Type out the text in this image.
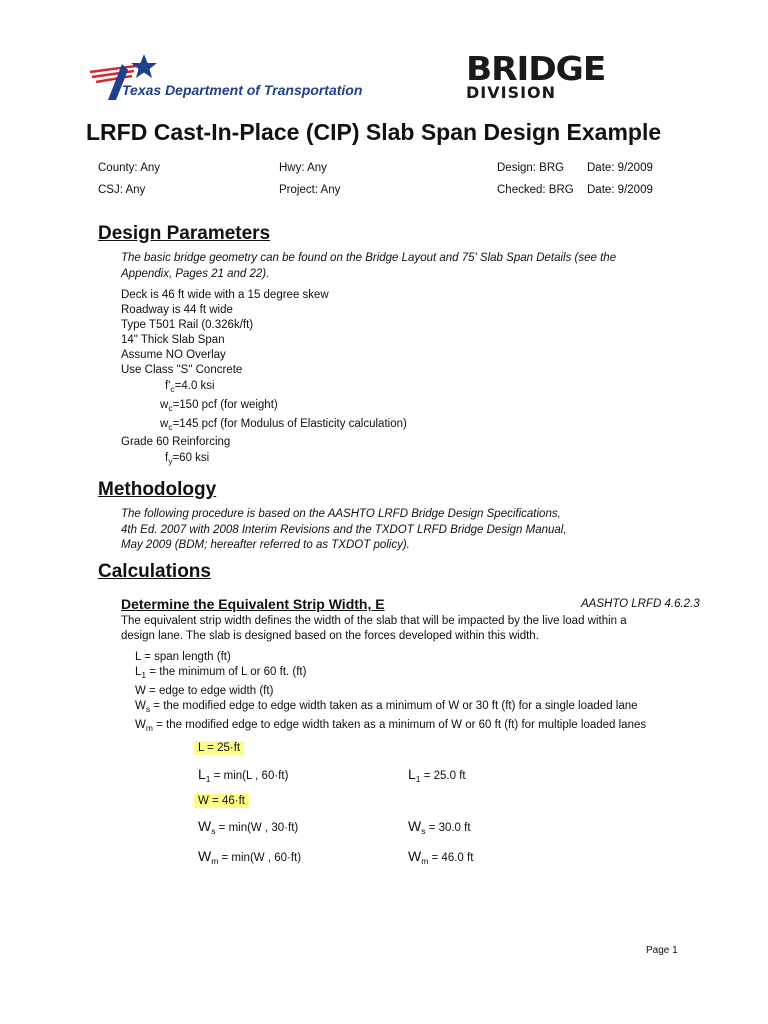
Texas Department of Transportation
BRIDGE
DIVISION
LRFD Cast-In-Place (CIP) Slab Span Design Example
County: Any	Hwy: Any	Design: BRG Date: 9/2009
CSJ: Any	Project: Any	Checked: BRG Date: 9/2009
Design Parameters
The basic bridge geometry can be found on the Bridge Layout and 75' Slab Span Details (see the
Appendix, Pages 21 and 22).
Deck is 46 ft wide with a 15 degree skew
Roadway is 44 ft wide
Type T501 Rail (0.326k/ft)
14" Thick Slab Span
Assume NO Overlay
Use Class "S" Concrete
$f'_c=4.0$ ksi
$w_c=150$ pcf (for weight)
$w_c=145$ pcf (for Modulus of Elasticity calculation)
Grade 60 Reinforcing
$f_y=60$ ksi
Methodology
The following procedure is based on the AASHTO LRFD Bridge Design Specifications,
4th Ed. 2007 with 2008 Interim Revisions and the TXDOT LRFD Bridge Design Manual,
May 2009 (BDM; hereafter referred to as TXDOT policy).
Calculations
Determine the Equivalent Strip Width, E	AASHTO LRFD 4.6.2.3
The equivalent strip width defines the width of the slab that will be impacted by the live load within a
design lane. The slab is designed based on the forces developed within this width.
L = span length (ft)
$L_1$ = the minimum of L or 60 ft. (ft)
W = edge to edge width (ft)
$W_s$ = the modified edge to edge width taken as a minimum of W or 30 ft (ft) for a single loaded lane
$W_m$ = the modified edge to edge width taken as a minimum of W or 60 ft (ft) for multiple loaded lanes
L = 25·ft
$L_1 = \min(L$ , 60·ft)	$L_1 = 25.0$ ft
W = 46·ft
$W_s = \min(W$ , 30·ft)	$W_s = 30.0$ ft
$W_m = \min(W$ , 60·ft)	$W_m = 46.0$ ft
Page 1
